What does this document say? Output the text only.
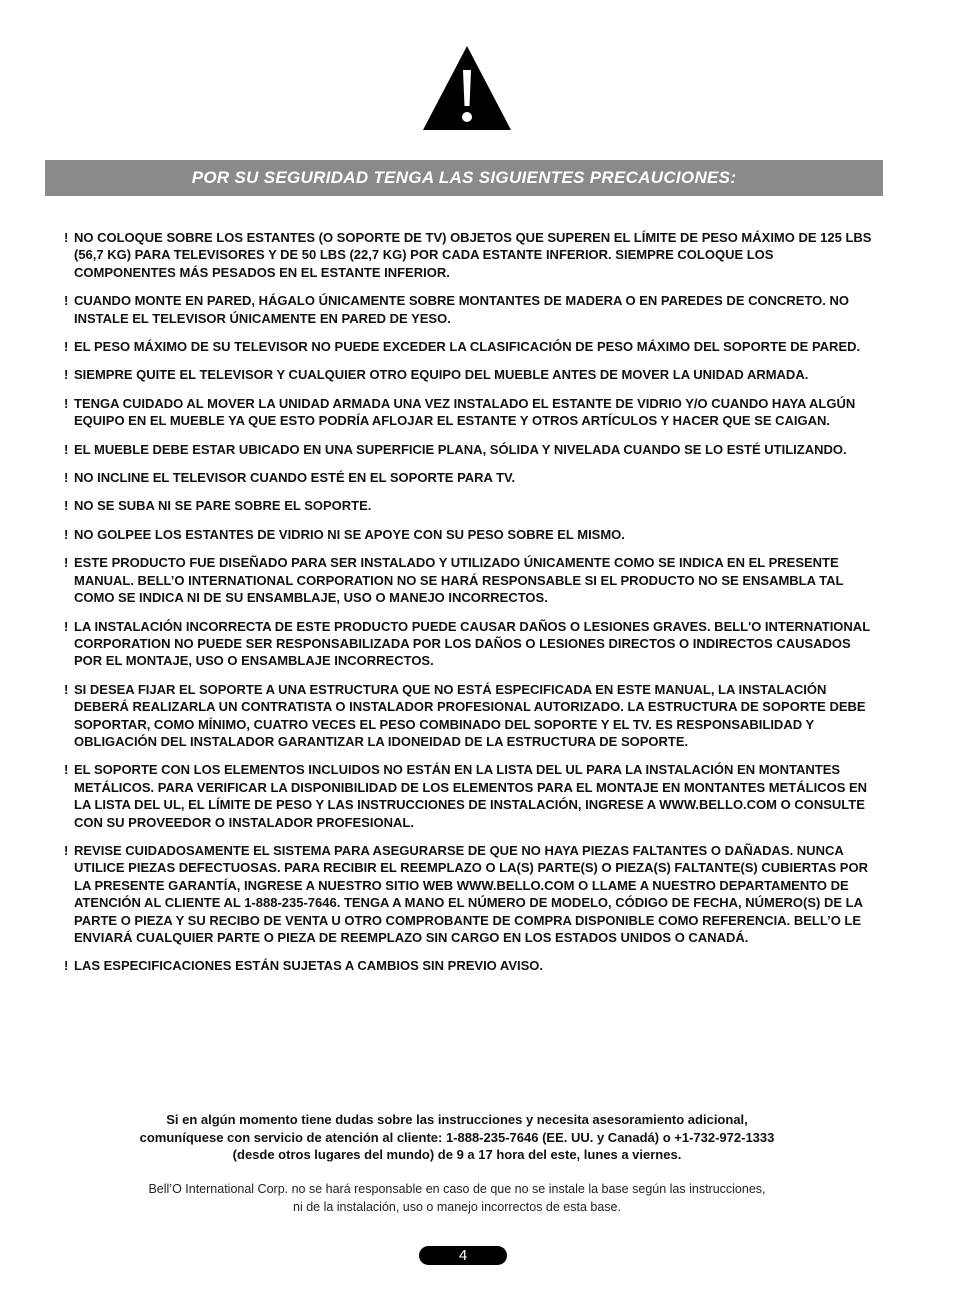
POR SU SEGURIDAD TENGA LAS SIGUIENTES PRECAUCIONES:
! NO COLOQUE SOBRE LOS ESTANTES (O SOPORTE DE TV) OBJETOS QUE SUPEREN EL LÍMITE DE PESO MÁXIMO DE 125 LBS (56,7 KG) PARA TELEVISORES Y DE 50 LBS (22,7 KG) POR CADA ESTANTE INFERIOR. SIEMPRE COLOQUE LOS COMPONENTES MÁS PESADOS EN EL ESTANTE INFERIOR.
! CUANDO MONTE EN PARED, HÁGALO ÚNICAMENTE SOBRE MONTANTES DE MADERA O EN PAREDES DE CONCRETO. NO INSTALE EL TELEVISOR ÚNICAMENTE EN PARED DE YESO.
! EL PESO MÁXIMO DE SU TELEVISOR NO PUEDE EXCEDER LA CLASIFICACIÓN DE PESO MÁXIMO DEL SOPORTE DE PARED.
! SIEMPRE QUITE EL TELEVISOR Y CUALQUIER OTRO EQUIPO DEL MUEBLE ANTES DE MOVER LA UNIDAD ARMADA.
! TENGA CUIDADO AL MOVER LA UNIDAD ARMADA UNA VEZ INSTALADO EL ESTANTE DE VIDRIO Y/O CUANDO HAYA ALGÚN EQUIPO EN EL MUEBLE YA QUE ESTO PODRÍA AFLOJAR EL ESTANTE Y OTROS ARTÍCULOS Y HACER QUE SE CAIGAN.
! EL MUEBLE DEBE ESTAR UBICADO EN UNA SUPERFICIE PLANA, SÓLIDA Y NIVELADA CUANDO SE LO ESTÉ UTILIZANDO.
! NO INCLINE EL TELEVISOR CUANDO ESTÉ EN EL SOPORTE PARA TV.
! NO SE SUBA NI SE PARE SOBRE EL SOPORTE.
! NO GOLPEE LOS ESTANTES DE VIDRIO NI SE APOYE CON SU PESO SOBRE EL MISMO.
! ESTE PRODUCTO FUE DISEÑADO PARA SER INSTALADO Y UTILIZADO ÚNICAMENTE COMO SE INDICA EN EL PRESENTE MANUAL. BELL’O INTERNATIONAL CORPORATION NO SE HARÁ RESPONSABLE SI EL PRODUCTO NO SE ENSAMBLA TAL COMO SE INDICA NI DE SU ENSAMBLAJE, USO O MANEJO INCORRECTOS.
! LA INSTALACIÓN INCORRECTA DE ESTE PRODUCTO PUEDE CAUSAR DAÑOS O LESIONES GRAVES. BELL'O INTERNATIONAL CORPORATION NO PUEDE SER RESPONSABILIZADA POR LOS DAÑOS O LESIONES DIRECTOS O INDIRECTOS CAUSADOS POR EL MONTAJE, USO O ENSAMBLAJE INCORRECTOS.
! SI DESEA FIJAR EL SOPORTE A UNA ESTRUCTURA QUE NO ESTÁ ESPECIFICADA EN ESTE MANUAL, LA INSTALACIÓN DEBERÁ REALIZARLA UN CONTRATISTA O INSTALADOR PROFESIONAL AUTORIZADO. LA ESTRUCTURA DE SOPORTE DEBE SOPORTAR, COMO MÍNIMO, CUATRO VECES EL PESO COMBINADO DEL SOPORTE Y EL TV. ES RESPONSABILIDAD Y OBLIGACIÓN DEL INSTALADOR GARANTIZAR LA IDONEIDAD DE LA ESTRUCTURA DE SOPORTE.
! EL SOPORTE CON LOS ELEMENTOS INCLUIDOS NO ESTÁN EN LA LISTA DEL UL PARA LA INSTALACIÓN EN MONTANTES METÁLICOS. PARA VERIFICAR LA DISPONIBILIDAD DE LOS ELEMENTOS PARA EL MONTAJE EN MONTANTES METÁLICOS EN LA LISTA DEL UL, EL LÍMITE DE PESO Y LAS INSTRUCCIONES DE INSTALACIÓN, INGRESE A WWW.BELLO.COM O CONSULTE CON SU PROVEEDOR O INSTALADOR PROFESIONAL.
! REVISE CUIDADOSAMENTE EL SISTEMA PARA ASEGURARSE DE QUE NO HAYA PIEZAS FALTANTES O DAÑADAS. NUNCA UTILICE PIEZAS DEFECTUOSAS. PARA RECIBIR EL REEMPLAZO O LA(S) PARTE(S) O PIEZA(S) FALTANTE(S) CUBIERTAS POR LA PRESENTE GARANTÍA, INGRESE A NUESTRO SITIO WEB WWW.BELLO.COM O LLAME A NUESTRO DEPARTAMENTO DE ATENCIÓN AL CLIENTE AL 1-888-235-7646. TENGA A MANO EL NÚMERO DE MODELO, CÓDIGO DE FECHA, NÚMERO(S) DE LA PARTE O PIEZA Y SU RECIBO DE VENTA U OTRO COMPROBANTE DE COMPRA DISPONIBLE COMO REFERENCIA. BELL’O LE ENVIARÁ CUALQUIER PARTE O PIEZA DE REEMPLAZO SIN CARGO EN LOS ESTADOS UNIDOS O CANADÁ.
! LAS ESPECIFICACIONES ESTÁN SUJETAS A CAMBIOS SIN PREVIO AVISO.

Si en algún momento tiene dudas sobre las instrucciones y necesita asesoramiento adicional,
comuníquese con servicio de atención al cliente: 1-888-235-7646 (EE. UU. y Canadá) o +1-732-972-1333
(desde otros lugares del mundo) de 9 a 17 hora del este, lunes a viernes.

Bell’O International Corp. no se hará responsable en caso de que no se instale la base según las instrucciones,
ni de la instalación, uso o manejo incorrectos de esta base.

4
